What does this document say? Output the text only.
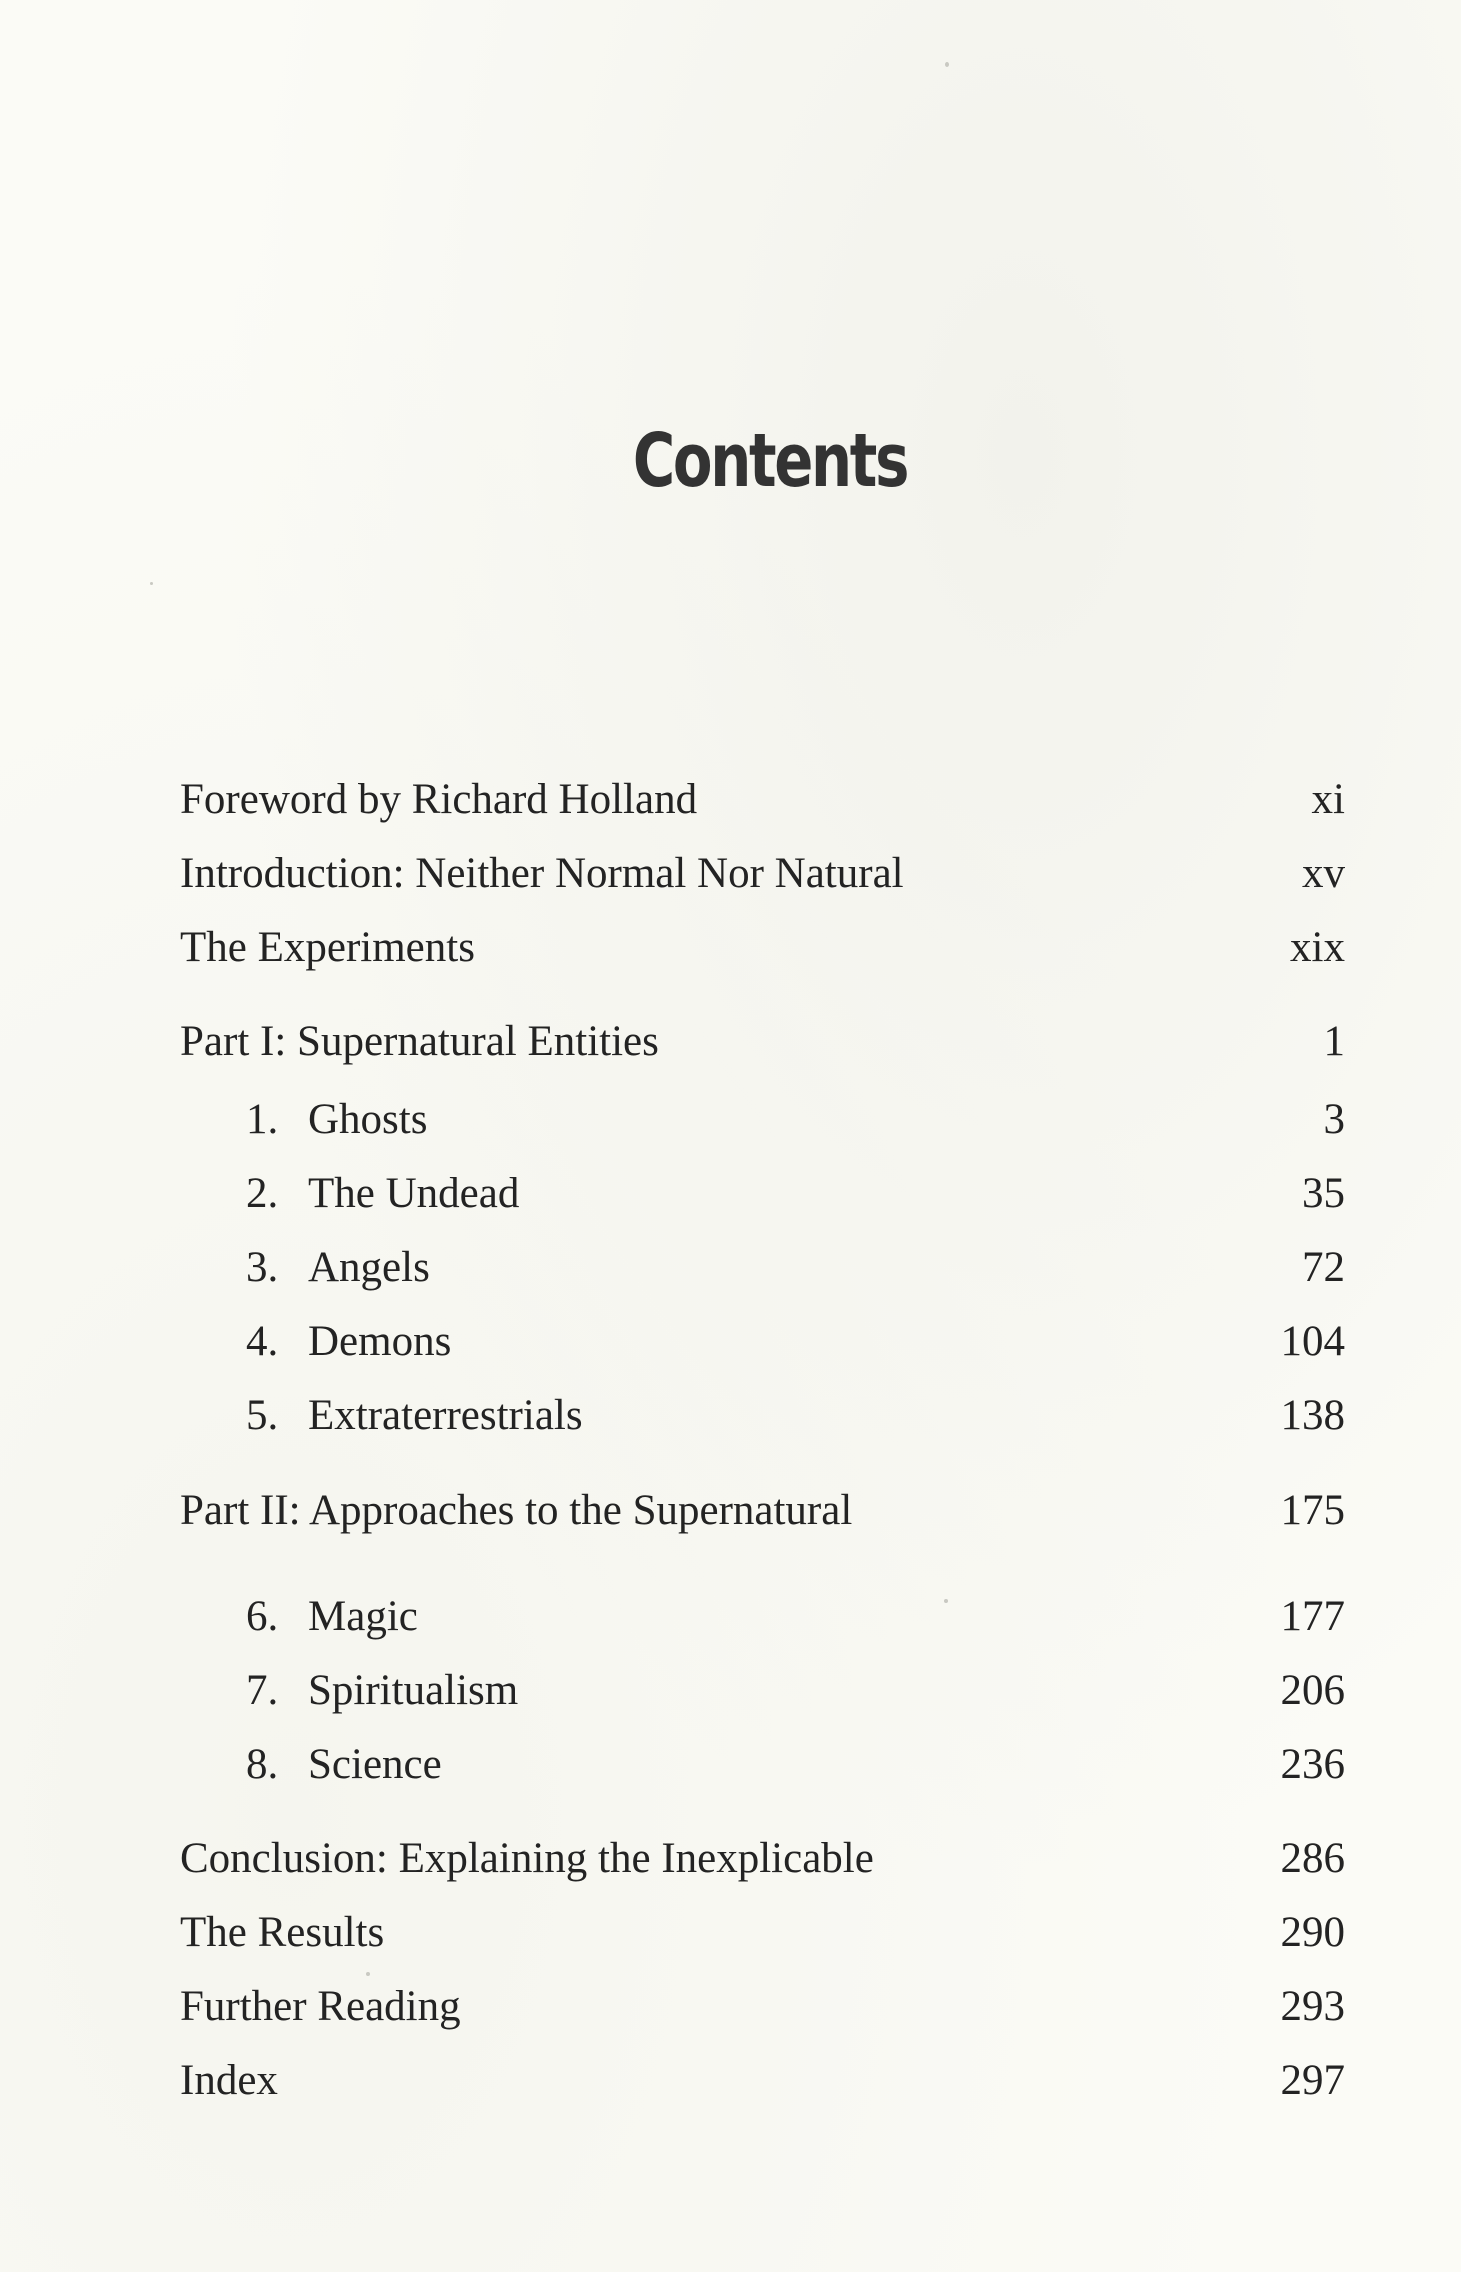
Contents
Foreword by Richard Holland	xi
Introduction: Neither Normal Nor Natural	xv
The Experiments	xix
Part I: Supernatural Entities	1
1. Ghosts	3
2. The Undead	35
3. Angels	72
4. Demons	104
5. Extraterrestrials	138
Part II: Approaches to the Supernatural	175
6. Magic	177
7. Spiritualism	206
8. Science	236
Conclusion: Explaining the Inexplicable	286
The Results	290
Further Reading	293
Index	297
